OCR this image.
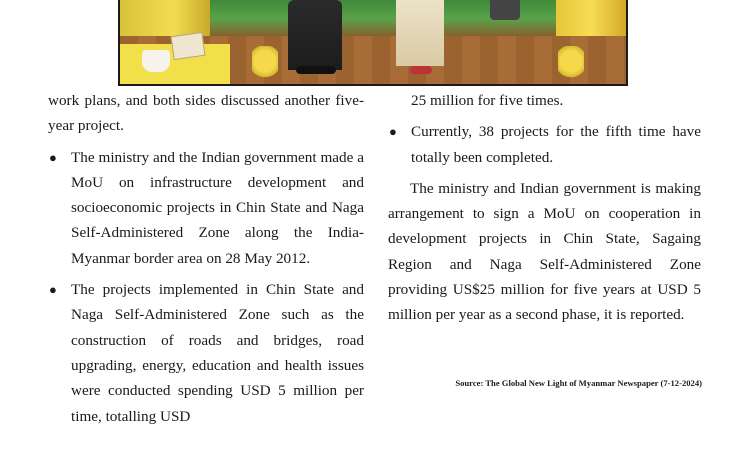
work plans, and both sides discussed another five-year project.

● The ministry and the Indian government made a MoU on infrastructure development and socioeconomic projects in Chin State and Naga Self-Administered Zone along the India-Myanmar border area on 28 May 2012.
● The projects implemented in Chin State and Naga Self-Administered Zone such as the construction of roads and bridges, road upgrading, energy, education and health issues were conducted spending USD 5 million per time, totalling USD

25 million for five times.

● Currently, 38 projects for the fifth time have totally been completed.

The ministry and Indian government is making arrangement to sign a MoU on cooperation in development projects in Chin State, Sagaing Region and Naga Self-Administered Zone providing US$25 million for five years at USD 5 million per year as a second phase, it is reported.

Source: The Global New Light of Myanmar Newspaper (7-12-2024)
